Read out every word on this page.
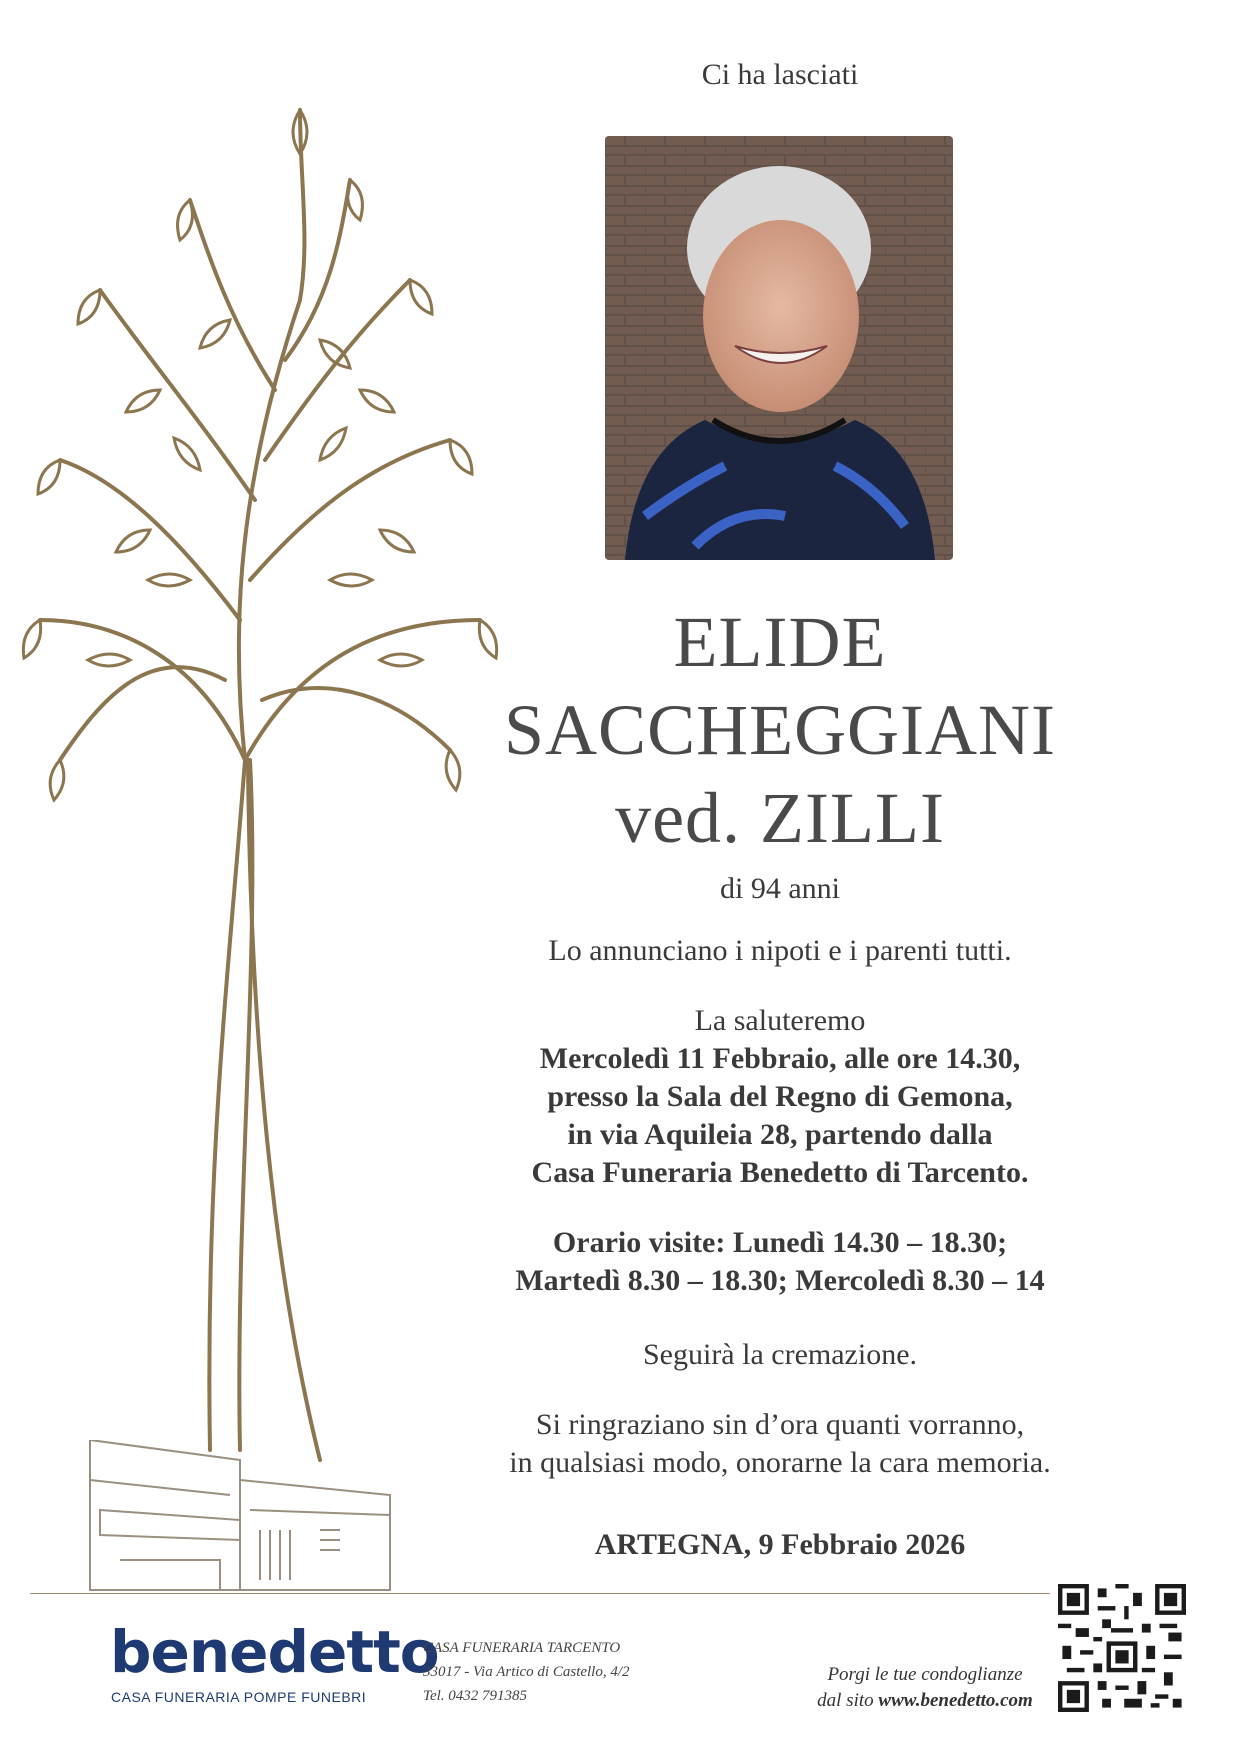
Ci ha lasciati
ELIDE
SACCHEGGIANI
ved. ZILLI
di 94 anni
Lo annunciano i nipoti e i parenti tutti.
La saluteremo
Mercoledì 11 Febbraio, alle ore 14.30,
presso la Sala del Regno di Gemona,
in via Aquileia 28, partendo dalla
Casa Funeraria Benedetto di Tarcento.
Orario visite: Lunedì 14.30 – 18.30;
Martedì 8.30 – 18.30; Mercoledì 8.30 – 14
Seguirà la cremazione.
Si ringraziano sin d’ora quanti vorranno,
in qualsiasi modo, onorarne la cara memoria.
ARTEGNA, 9 Febbraio 2026
benedetto
CASA FUNERARIA POMPE FUNEBRI
CASA FUNERARIA TARCENTO
33017 - Via Artico di Castello, 4/2
Tel. 0432 791385
Porgi le tue condoglianze
dal sito www.benedetto.com
